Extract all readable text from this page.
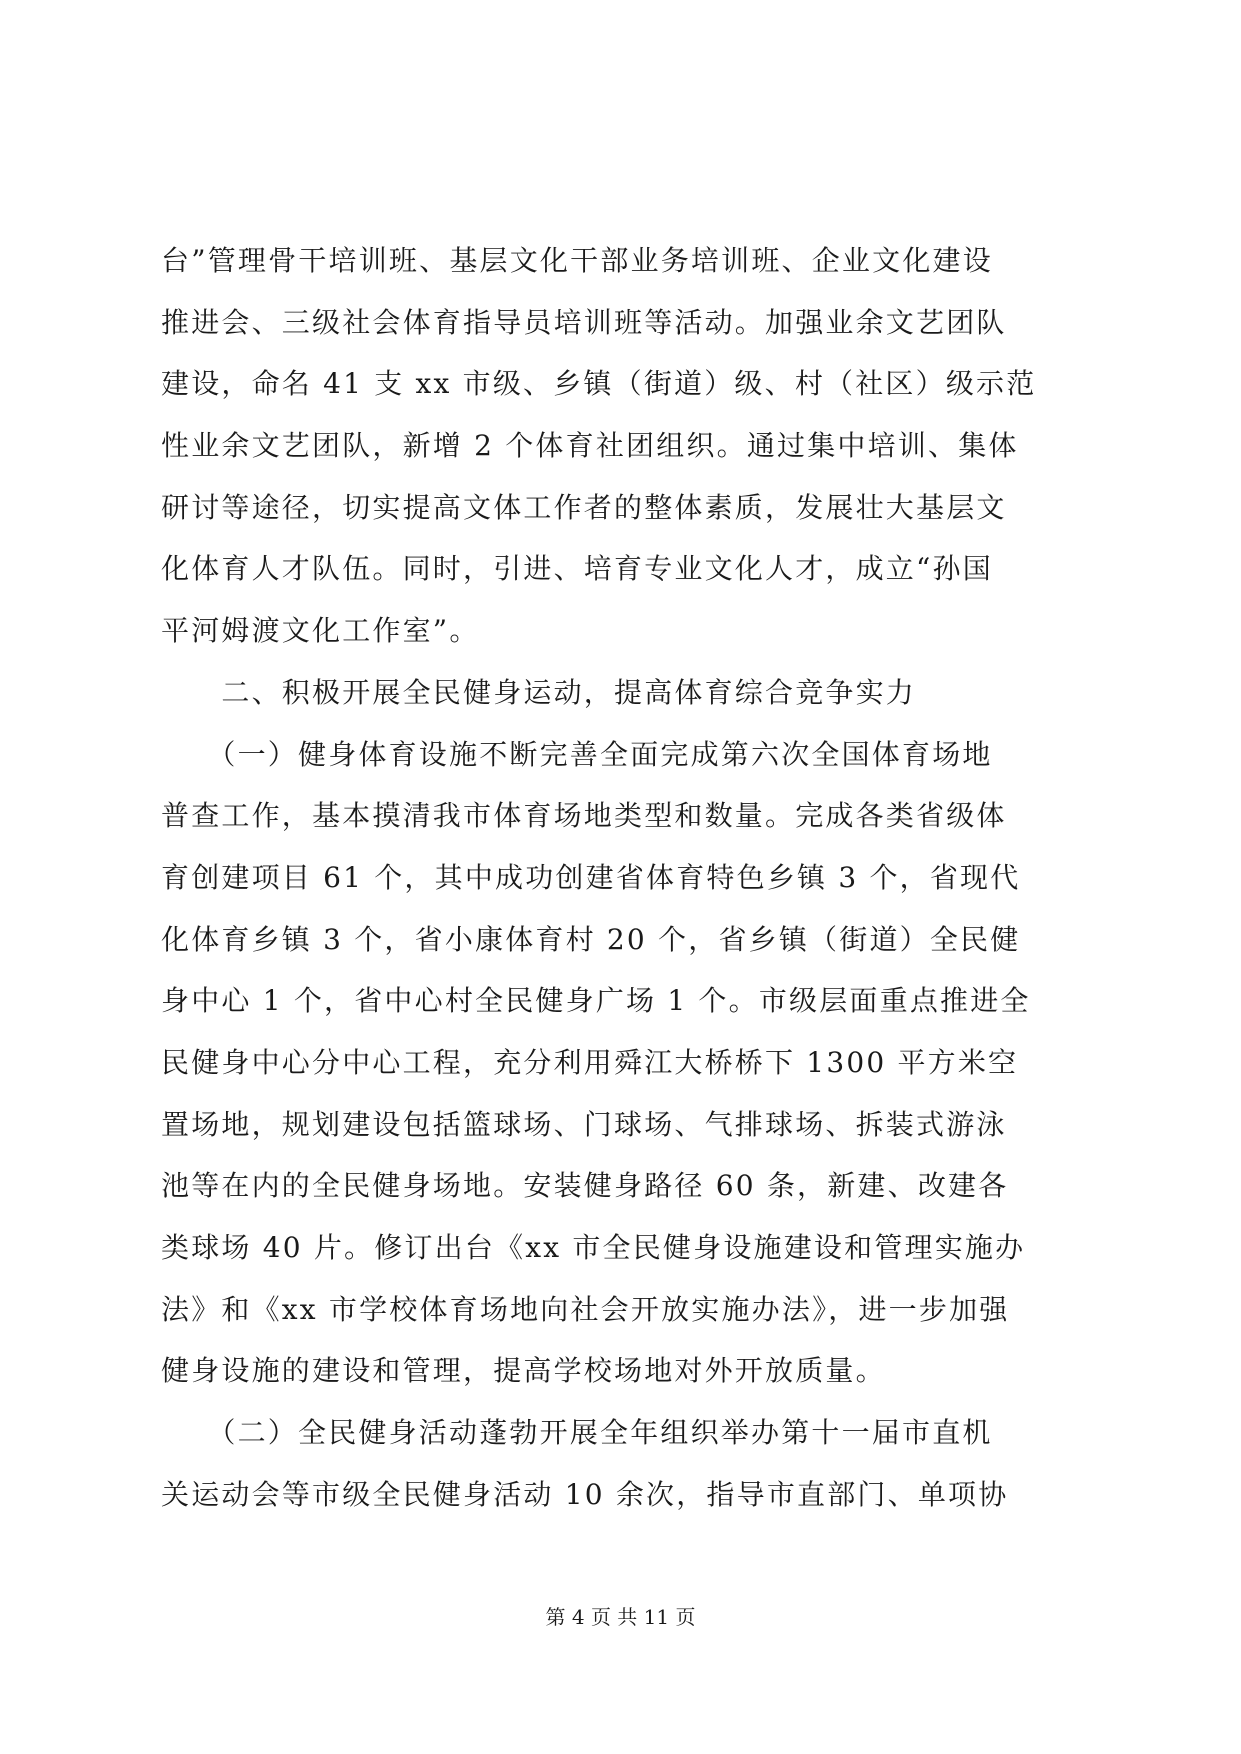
台”管理骨干培训班、基层文化干部业务培训班、企业文化建设
推进会、三级社会体育指导员培训班等活动。加强业余文艺团队
建设，命名 41 支 xx 市级、乡镇（街道）级、村（社区）级示范
性业余文艺团队，新增 2 个体育社团组织。通过集中培训、集体
研讨等途径，切实提高文体工作者的整体素质，发展壮大基层文
化体育人才队伍。同时，引进、培育专业文化人才，成立“孙国
平河姆渡文化工作室”。
　　二、积极开展全民健身运动，提高体育综合竞争实力
　　（一）健身体育设施不断完善全面完成第六次全国体育场地
普查工作，基本摸清我市体育场地类型和数量。完成各类省级体
育创建项目 61 个，其中成功创建省体育特色乡镇 3 个，省现代
化体育乡镇 3 个，省小康体育村 20 个，省乡镇（街道）全民健
身中心 1 个，省中心村全民健身广场 1 个。市级层面重点推进全
民健身中心分中心工程，充分利用舜江大桥桥下 1300 平方米空
置场地，规划建设包括篮球场、门球场、气排球场、拆装式游泳
池等在内的全民健身场地。安装健身路径 60 条，新建、改建各
类球场 40 片。修订出台《xx 市全民健身设施建设和管理实施办
法》和《xx 市学校体育场地向社会开放实施办法》，进一步加强
健身设施的建设和管理，提高学校场地对外开放质量。
　　（二）全民健身活动蓬勃开展全年组织举办第十一届市直机
关运动会等市级全民健身活动 10 余次，指导市直部门、单项协
第 4 页 共 11 页
